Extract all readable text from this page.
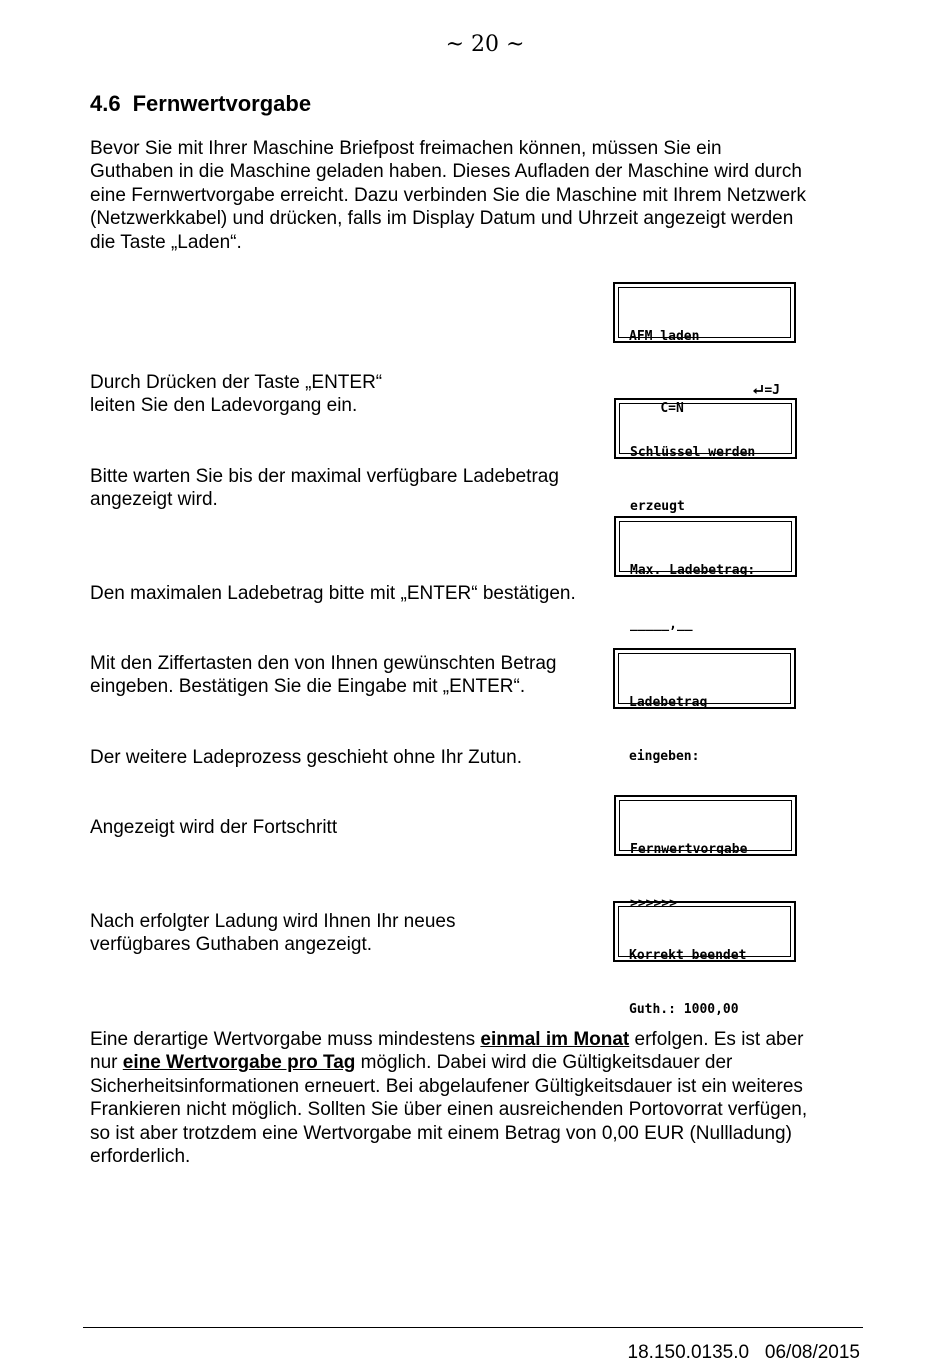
~ 20 ~
4.6 Fernwertvorgabe
Bevor Sie mit Ihrer Maschine Briefpost freimachen können, müssen Sie ein
Guthaben in die Maschine geladen haben. Dieses Aufladen der Maschine wird durch
eine Fernwertvorgabe erreicht. Dazu verbinden Sie die Maschine mit Ihrem Netzwerk
(Netzwerkkabel) und drücken, falls im Display Datum und Uhrzeit angezeigt werden
die Taste „Laden“.

AFM laden

C=N

=J

Durch Drücken der Taste „ENTER“
leiten Sie den Ladevorgang ein.

Schlüssel werden

erzeugt

Bitte warten Sie bis der maximal verfügbare Ladebetrag
angezeigt wird.

Max. Ladebetrag:

_____,__

Den maximalen Ladebetrag bitte mit „ENTER“ bestätigen.
Mit den Ziffertasten den von Ihnen gewünschten Betrag
eingeben. Bestätigen Sie die Eingabe mit „ENTER“.

Ladebetrag

eingeben:

Der weitere Ladeprozess geschieht ohne Ihr Zutun.

Fernwertvorgabe

>>>>>>

Angezeigt wird der Fortschritt
Nach erfolgter Ladung wird Ihnen Ihr neues
verfügbares Guthaben angezeigt.

Korrekt beendet

Guth.: 1000,00

Eine derartige Wertvorgabe muss mindestens einmal im Monat erfolgen. Es ist aber
nur eine Wertvorgabe pro Tag möglich. Dabei wird die Gültigkeitsdauer der
Sicherheitsinformationen erneuert. Bei abgelaufener Gültigkeitsdauer ist ein weiteres
Frankieren nicht möglich. Sollten Sie über einen ausreichenden Portovorrat verfügen,
so ist aber trotzdem eine Wertvorgabe mit einem Betrag von 0,00 EUR (Nullladung)
erforderlich.
18.150.0135.0 06/08/2015
